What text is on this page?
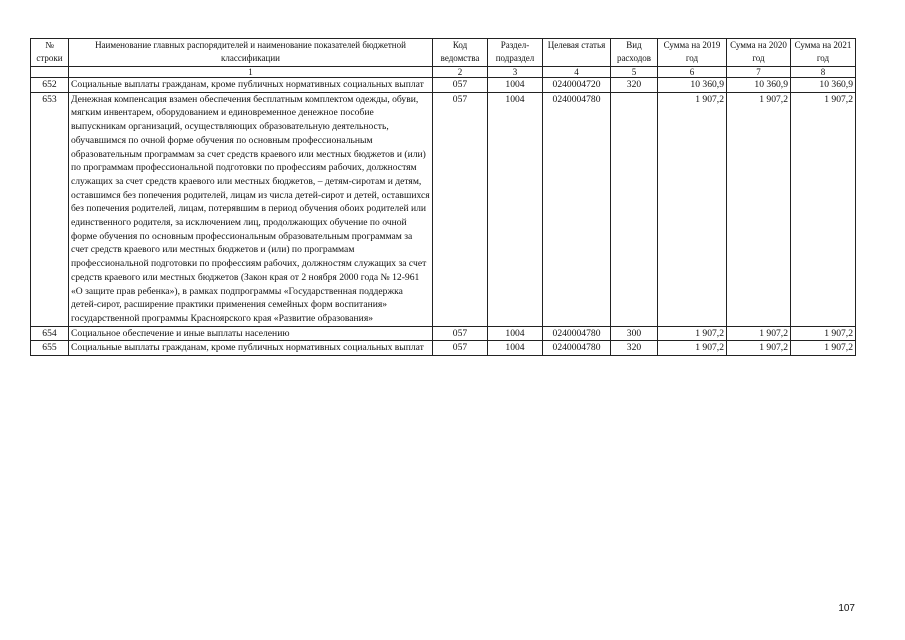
№ строки	Наименование главных распорядителей и наименование показателей бюджетной классификации	Код ведомства	Раздел-подраздел	Целевая статья	Вид расходов	Сумма на 2019 год	Сумма на 2020 год	Сумма на 2021 год
	1	2	3	4	5	6	7	8
652	Социальные выплаты гражданам, кроме публичных нормативных социальных выплат	057	1004	0240004720	320	10 360,9	10 360,9	10 360,9
653	Денежная компенсация взамен обеспечения бесплатным комплектом одежды, обуви, мягким инвентарем, оборудованием и единовременное денежное пособие выпускникам организаций, осуществляющих образовательную деятельность, обучавшимся по очной форме обучения по основным профессиональным образовательным программам за счет средств краевого или местных бюджетов и (или) по программам профессиональной подготовки по профессиям рабочих, должностям служащих за счет средств краевого или местных бюджетов, – детям-сиротам и детям, оставшимся без попечения родителей, лицам из числа детей-сирот и детей, оставшихся без попечения родителей, лицам, потерявшим в период обучения обоих родителей или единственного родителя, за исключением лиц, продолжающих обучение по очной форме обучения по основным профессиональным образовательным программам за счет средств краевого или местных бюджетов и (или) по программам профессиональной подготовки по профессиям рабочих, должностям служащих за счет средств краевого или местных бюджетов (Закон края от 2 ноября 2000 года № 12-961 «О защите прав ребенка»), в рамках подпрограммы «Государственная поддержка детей-сирот, расширение практики применения семейных форм воспитания» государственной программы Красноярского края «Развитие образования»	057	1004	0240004780		1 907,2	1 907,2	1 907,2
654	Социальное обеспечение и иные выплаты населению	057	1004	0240004780	300	1 907,2	1 907,2	1 907,2
655	Социальные выплаты гражданам, кроме публичных нормативных социальных выплат	057	1004	0240004780	320	1 907,2	1 907,2	1 907,2
107
